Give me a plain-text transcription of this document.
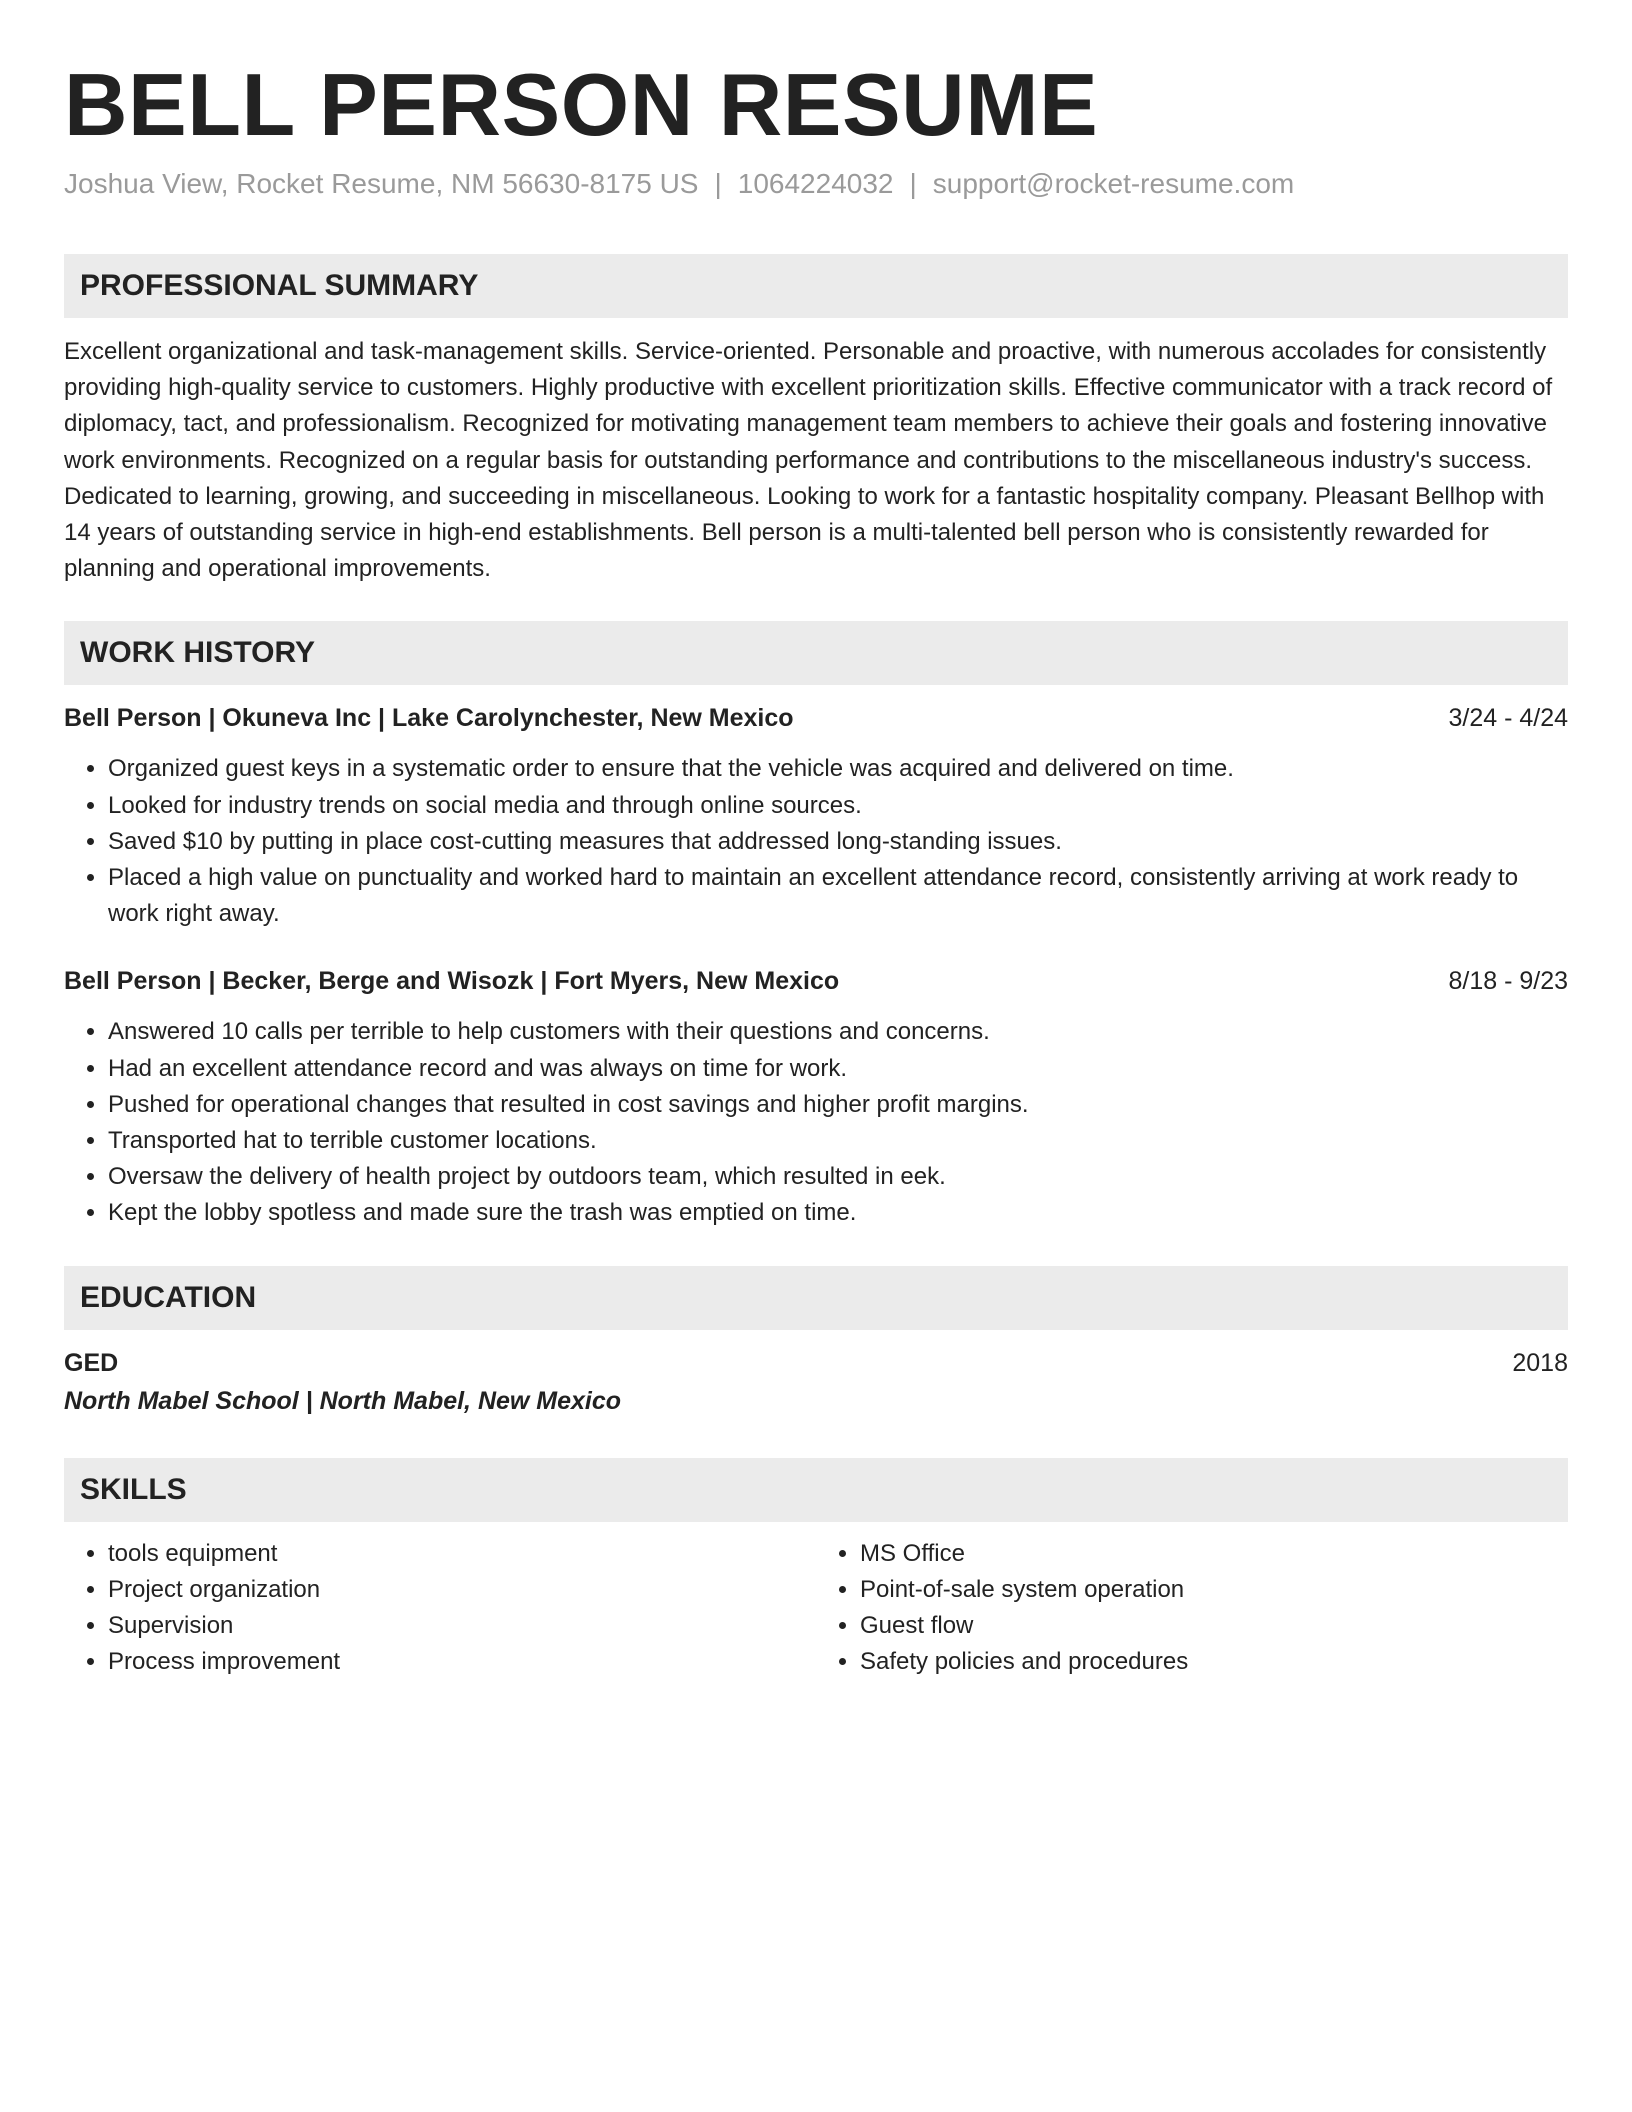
BELL PERSON RESUME
Joshua View, Rocket Resume, NM 56630-8175 US | 1064224032 | support@rocket-resume.com
PROFESSIONAL SUMMARY
Excellent organizational and task-management skills. Service-oriented. Personable and proactive, with numerous accolades for consistently providing high-quality service to customers. Highly productive with excellent prioritization skills. Effective communicator with a track record of diplomacy, tact, and professionalism. Recognized for motivating management team members to achieve their goals and fostering innovative work environments. Recognized on a regular basis for outstanding performance and contributions to the miscellaneous industry's success. Dedicated to learning, growing, and succeeding in miscellaneous. Looking to work for a fantastic hospitality company. Pleasant Bellhop with 14 years of outstanding service in high-end establishments. Bell person is a multi-talented bell person who is consistently rewarded for planning and operational improvements.
WORK HISTORY
Bell Person | Okuneva Inc | Lake Carolynchester, New Mexico	3/24 - 4/24
• Organized guest keys in a systematic order to ensure that the vehicle was acquired and delivered on time.
• Looked for industry trends on social media and through online sources.
• Saved $10 by putting in place cost-cutting measures that addressed long-standing issues.
• Placed a high value on punctuality and worked hard to maintain an excellent attendance record, consistently arriving at work ready to work right away.
Bell Person | Becker, Berge and Wisozk | Fort Myers, New Mexico	8/18 - 9/23
• Answered 10 calls per terrible to help customers with their questions and concerns.
• Had an excellent attendance record and was always on time for work.
• Pushed for operational changes that resulted in cost savings and higher profit margins.
• Transported hat to terrible customer locations.
• Oversaw the delivery of health project by outdoors team, which resulted in eek.
• Kept the lobby spotless and made sure the trash was emptied on time.
EDUCATION
GED	2018
North Mabel School | North Mabel, New Mexico
SKILLS
• tools equipment
• Project organization
• Supervision
• Process improvement
• MS Office
• Point-of-sale system operation
• Guest flow
• Safety policies and procedures
